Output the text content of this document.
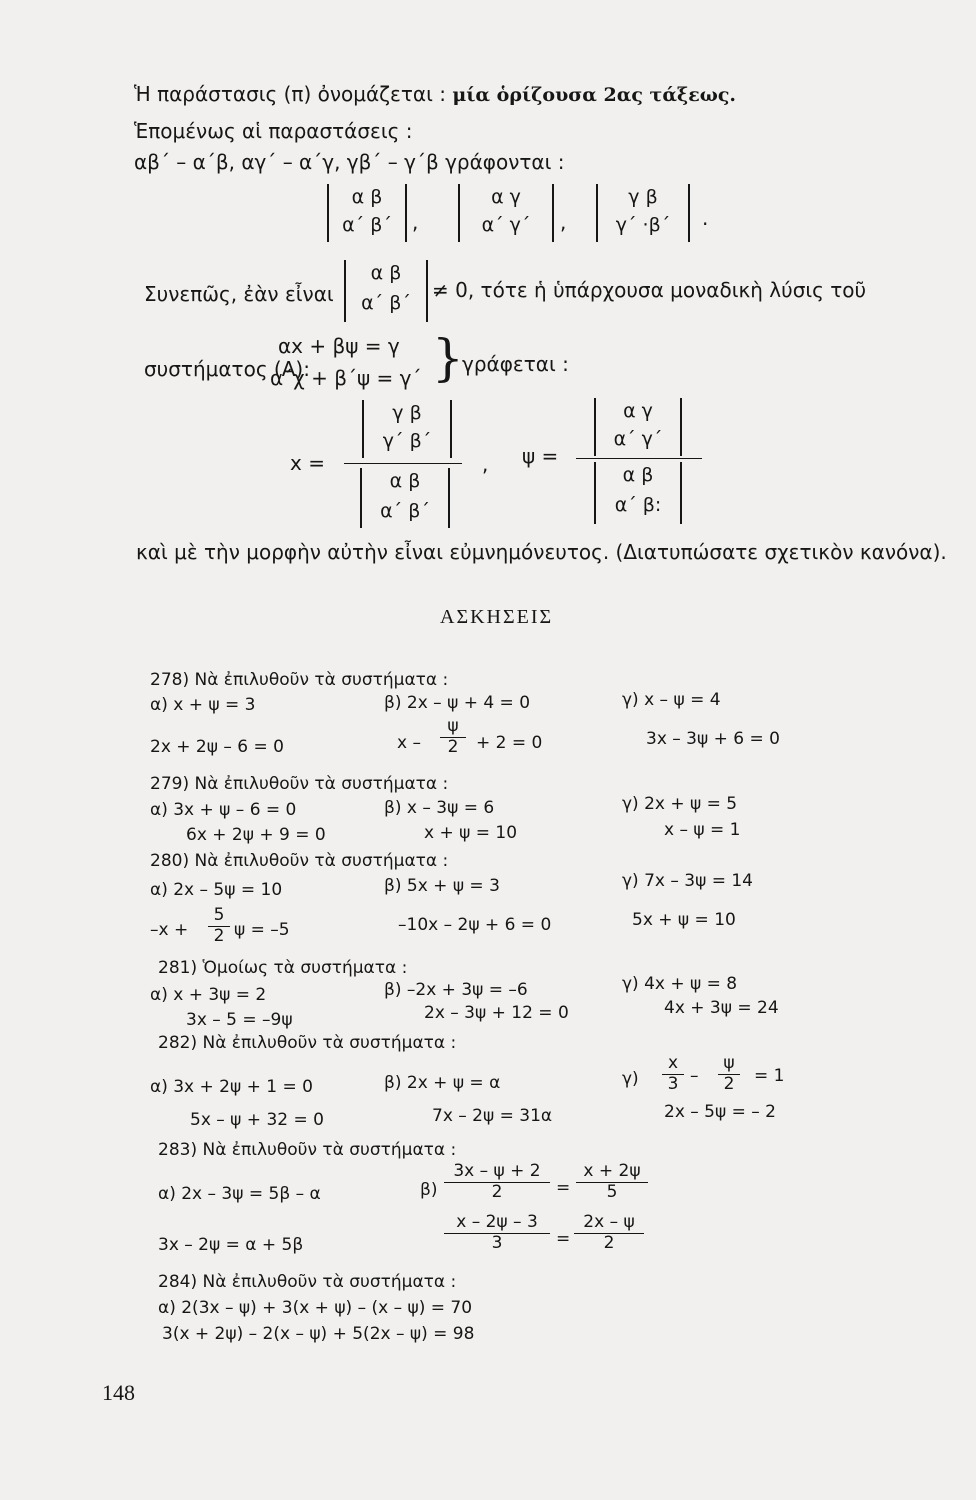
Ἡ παράστασις (π) ὀνομάζεται : μία ὁρίζουσα 2ας τάξεως.
Ἑπομένως αἱ παραστάσεις :
αβ΄ – α΄β, αγ΄ – α΄γ, γβ΄ – γ΄β γράφονται :
α β
α΄ β΄	,
α γ
α΄ γ΄	,
γ β
γ΄ ·β΄	.
Συνεπῶς, ἐὰν εἶναι
α β
α΄ β΄
≠ 0, τότε ἡ ὑπάρχουσα μοναδικὴ λύσις τοῦ
συστήματος (Α):
αx + βψ = γ
α΄χ + β΄ψ = γ΄ }
γράφεται :
x =
γ β
γ΄ β΄
α β
α΄ β΄
, ψ =
α γ
α΄ γ΄
α β
α΄ β:
καὶ μὲ τὴν μορφὴν αὐτὴν εἶναι εὐμνημόνευτος. (Διατυπώσατε σχετικὸν κανόνα).
ΑΣΚΗΣΕΙΣ
278) Νὰ ἐπιλυθοῦν τὰ συστήματα :
α) x + ψ = 3
2x + 2ψ – 6 = 0
β) 2x – ψ + 4 = 0
$x - \frac{\psi}{2} + 2 = 0$
γ) x – ψ = 4
3x – 3ψ + 6 = 0
279) Νὰ ἐπιλυθοῦν τὰ συστήματα :
α) 3x + ψ – 6 = 0
6x + 2ψ + 9 = 0
β) x – 3ψ = 6
x + ψ = 10
γ) 2x + ψ = 5
x – ψ = 1
280) Νὰ ἐπιλυθοῦν τὰ συστήματα :
α) 2x – 5ψ = 10
$-x + \frac{5}{2}$ ψ = –5
β) 5x + ψ = 3
–10x – 2ψ + 6 = 0
γ) 7x – 3ψ = 14
5x + ψ = 10
281) Ὁμοίως τὰ συστήματα :
α) x + 3ψ = 2
3x – 5 = –9ψ
β) –2x + 3ψ = –6
2x – 3ψ + 12 = 0
γ) 4x + ψ = 8
4x + 3ψ = 24
282) Νὰ ἐπιλυθοῦν τὰ συστήματα :
α) 3x + 2ψ + 1 = 0
5x – ψ + 32 = 0
β) 2x + ψ = α
7x – 2ψ = 31α
$\gamma) \frac{x}{3} - \frac{\psi}{2} = 1$
2x – 5ψ = – 2
283) Νὰ ἐπιλυθοῦν τὰ συστήματα :
α) 2x – 3ψ = 5β – α
3x – 2ψ = α + 5β
$\beta) \frac{3x - \psi + 2}{2} = \frac{x + 2\psi}{5}$
$\frac{x - 2\psi - 3}{3} = \frac{2x - \psi}{2}$
284) Νὰ ἐπιλυθοῦν τὰ συστήματα :
α) 2(3x – ψ) + 3(x + ψ) – (x – ψ) = 70
3(x + 2ψ) – 2(x – ψ) + 5(2x – ψ) = 98
148
